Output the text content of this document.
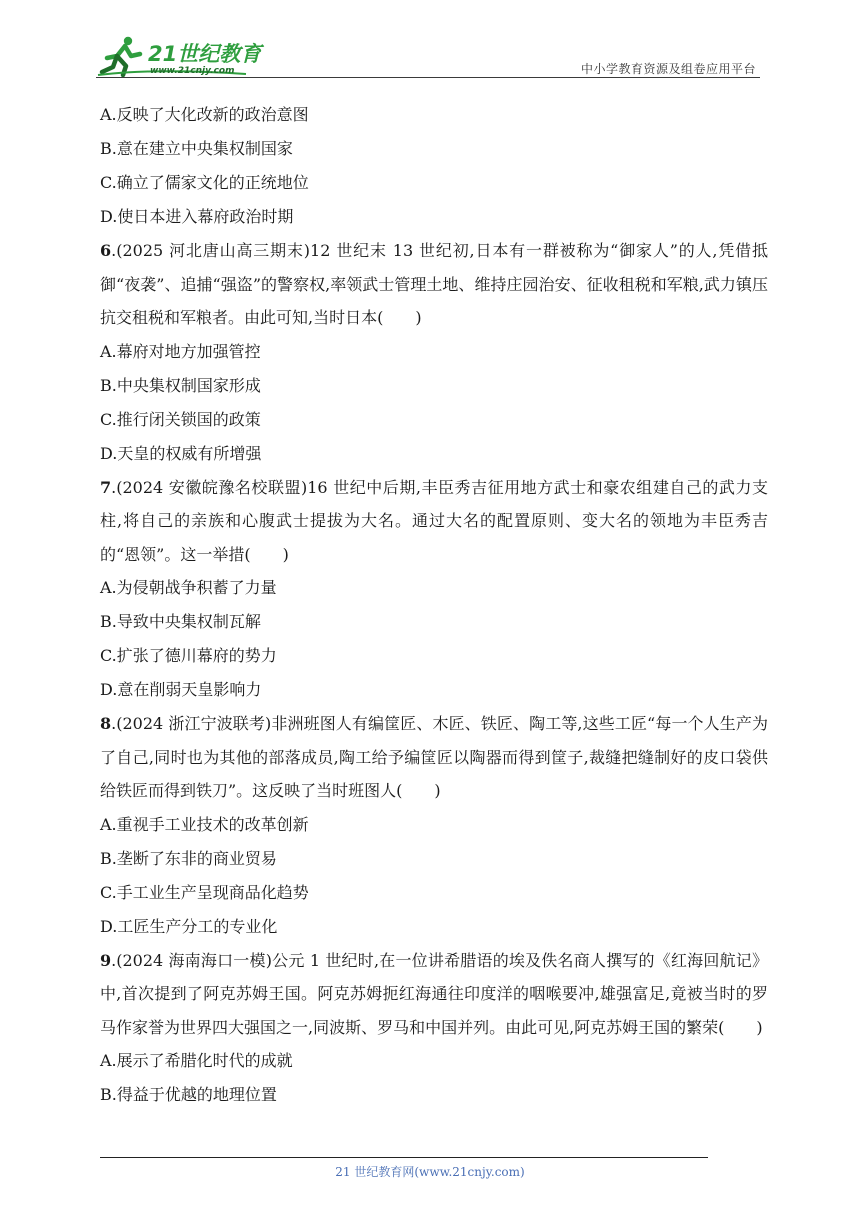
21世纪教育
www.21cnjy.com	中小学教育资源及组卷应用平台
A.反映了大化改新的政治意图
B.意在建立中央集权制国家
C.确立了儒家文化的正统地位
D.使日本进入幕府政治时期
6.(2025 河北唐山高三期末)12 世纪末 13 世纪初,日本有一群被称为“御家人”的人,凭借抵御“夜袭”、追捕“强盗”的警察权,率领武士管理土地、维持庄园治安、征收租税和军粮,武力镇压抗交租税和军粮者。由此可知,当时日本(　　)
A.幕府对地方加强管控
B.中央集权制国家形成
C.推行闭关锁国的政策
D.天皇的权威有所增强
7.(2024 安徽皖豫名校联盟)16 世纪中后期,丰臣秀吉征用地方武士和豪农组建自己的武力支柱,将自己的亲族和心腹武士提拔为大名。通过大名的配置原则、变大名的领地为丰臣秀吉的“恩领”。这一举措(　　)
A.为侵朝战争积蓄了力量
B.导致中央集权制瓦解
C.扩张了德川幕府的势力
D.意在削弱天皇影响力
8.(2024 浙江宁波联考)非洲班图人有编筐匠、木匠、铁匠、陶工等,这些工匠“每一个人生产为了自己,同时也为其他的部落成员,陶工给予编筐匠以陶器而得到筐子,裁缝把缝制好的皮口袋供给铁匠而得到铁刀”。这反映了当时班图人(　　)
A.重视手工业技术的改革创新
B.垄断了东非的商业贸易
C.手工业生产呈现商品化趋势
D.工匠生产分工的专业化
9.(2024 海南海口一模)公元 1 世纪时,在一位讲希腊语的埃及佚名商人撰写的《红海回航记》中,首次提到了阿克苏姆王国。阿克苏姆扼红海通往印度洋的咽喉要冲,雄强富足,竟被当时的罗马作家誉为世界四大强国之一,同波斯、罗马和中国并列。由此可见,阿克苏姆王国的繁荣(　　)
A.展示了希腊化时代的成就
B.得益于优越的地理位置
21 世纪教育网(www.21cnjy.com)
